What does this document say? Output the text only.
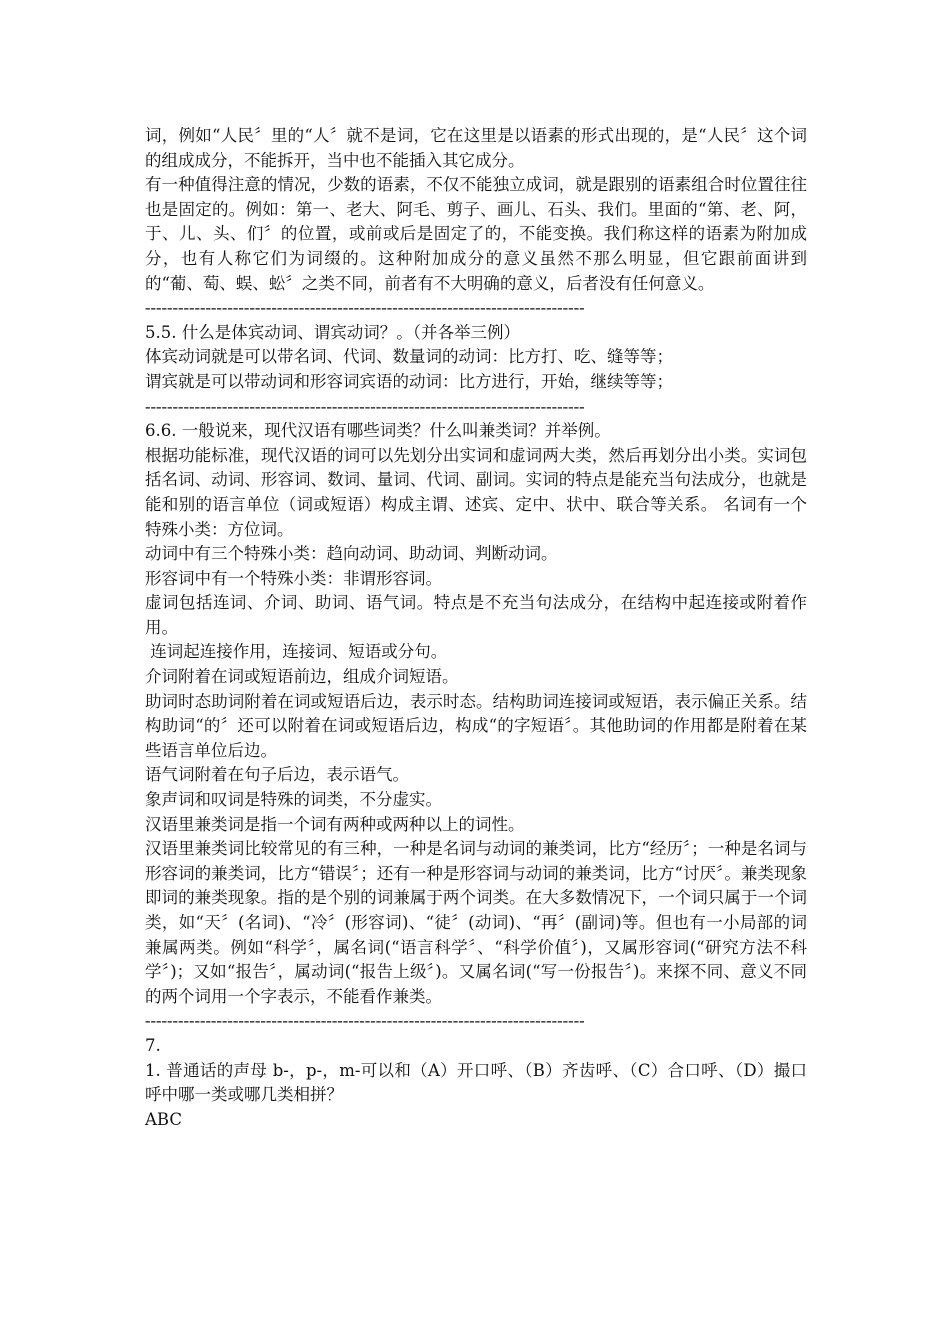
词，例如“人民〞里的“人〞就不是词，它在这里是以语素的形式出现的，是“人民〞这个词的组成成分，不能拆开，当中也不能插入其它成分。

有一种值得注意的情况，少数的语素，不仅不能独立成词，就是跟别的语素组合时位置往往也是固定的。例如：第一、老大、阿毛、剪子、画儿、石头、我们。里面的“第、老、阿，于、儿、头、们〞的位置，或前或后是固定了的，不能变换。我们称这样的语素为附加成分，也有人称它们为词缀的。这种附加成分的意义虽然不那么明显，但它跟前面讲到的“葡、萄、蜈、蚣〞之类不同，前者有不大明确的意义，后者没有任何意义。

--------------------------------------------------------------------------------

5.5. 什么是体宾动词、谓宾动词？。（并各举三例）

体宾动词就是可以带名词、代词、数量词的动词：比方打、吃、缝等等；

谓宾就是可以带动词和形容词宾语的动词：比方进行，开始，继续等等；

--------------------------------------------------------------------------------

6.6. 一般说来，现代汉语有哪些词类？什么叫兼类词？并举例。

根据功能标准，现代汉语的词可以先划分出实词和虚词两大类，然后再划分出小类。实词包括名词、动词、形容词、数词、量词、代词、副词。实词的特点是能充当句法成分，也就是能和别的语言单位（词或短语）构成主谓、述宾、定中、状中、联合等关系。 名词有一个特殊小类：方位词。

动词中有三个特殊小类：趋向动词、助动词、判断动词。

形容词中有一个特殊小类：非谓形容词。

虚词包括连词、介词、助词、语气词。特点是不充当句法成分，在结构中起连接或附着作用。

连词起连接作用，连接词、短语或分句。

介词附着在词或短语前边，组成介词短语。

助词时态助词附着在词或短语后边，表示时态。结构助词连接词或短语，表示偏正关系。结构助词“的〞还可以附着在词或短语后边，构成“的字短语〞。其他助词的作用都是附着在某些语言单位后边。

语气词附着在句子后边，表示语气。

象声词和叹词是特殊的词类，不分虚实。

汉语里兼类词是指一个词有两种或两种以上的词性。

汉语里兼类词比较常见的有三种，一种是名词与动词的兼类词，比方“经历〞；一种是名词与形容词的兼类词，比方“错误〞；还有一种是形容词与动词的兼类词，比方“讨厌〞。兼类现象 即词的兼类现象。指的是个别的词兼属于两个词类。在大多数情况下，一个词只属于一个词类，如“天〞(名词)、“冷〞(形容词)、“徒〞(动词)、“再〞(副词)等。但也有一小局部的词兼属两类。例如“科学〞，属名词(“语言科学〞、“科学价值〞)，又属形容词(“研究方法不科学〞)；又如“报告〞，属动词(“报告上级〞)。又属名词(“写一份报告〞)。来探不同、意义不同的两个词用一个字表示，不能看作兼类。

--------------------------------------------------------------------------------

7.

1. 普通话的声母 b-，p-，m-可以和（A）开口呼、（B）齐齿呼、（C）合口呼、（D）撮口呼中哪一类或哪几类相拼？

ABC
